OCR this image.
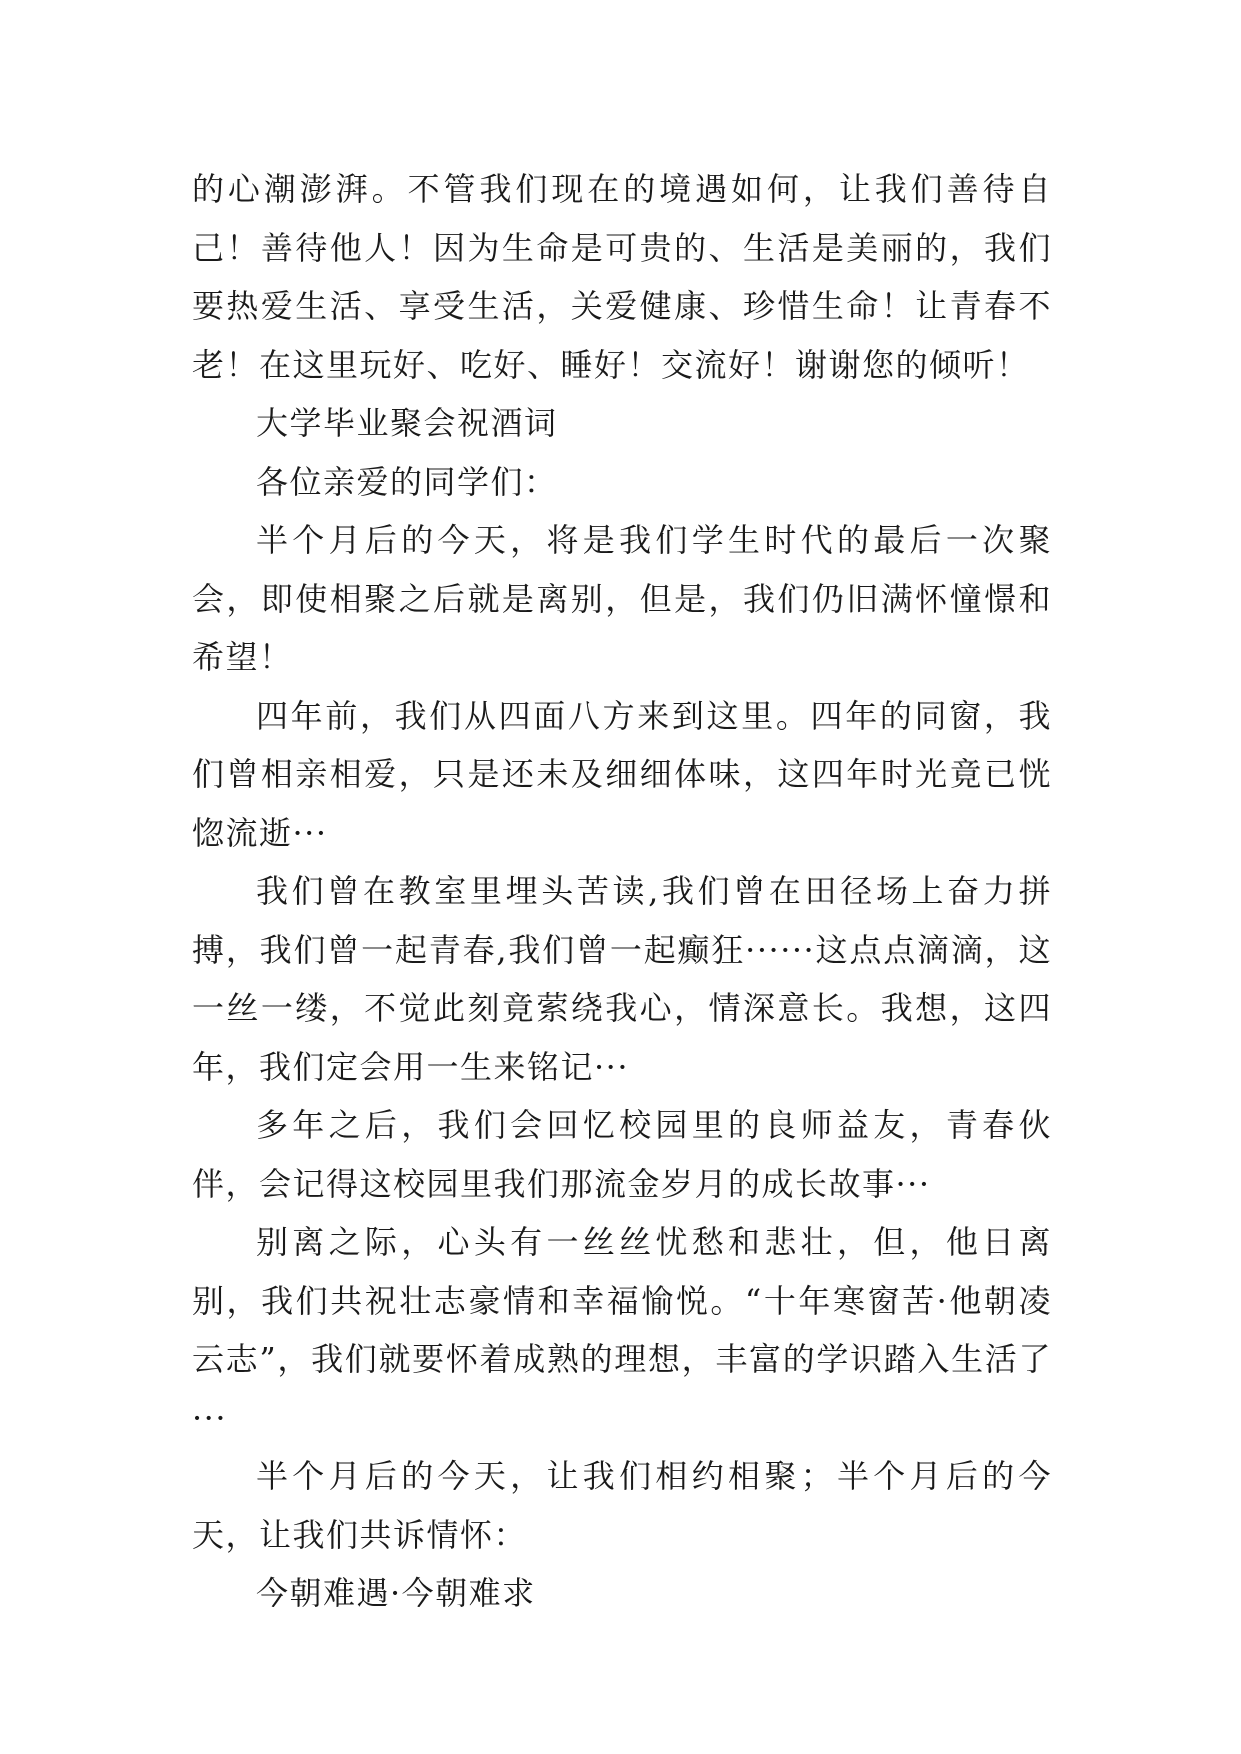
的心潮澎湃。不管我们现在的境遇如何，让我们善待自己！善待他人！因为生命是可贵的、生活是美丽的，我们要热爱生活、享受生活，关爱健康、珍惜生命！让青春不老！在这里玩好、吃好、睡好！交流好！谢谢您的倾听！

大学毕业聚会祝酒词

各位亲爱的同学们：

半个月后的今天，将是我们学生时代的最后一次聚会，即使相聚之后就是离别，但是，我们仍旧满怀憧憬和希望！

四年前，我们从四面八方来到这里。四年的同窗，我们曾相亲相爱，只是还未及细细体味，这四年时光竟已恍惚流逝···

我们曾在教室里埋头苦读,我们曾在田径场上奋力拼搏，我们曾一起青春,我们曾一起癫狂······这点点滴滴，这一丝一缕，不觉此刻竟萦绕我心，情深意长。我想，这四年，我们定会用一生来铭记···

多年之后，我们会回忆校园里的良师益友，青春伙伴，会记得这校园里我们那流金岁月的成长故事···

别离之际，心头有一丝丝忧愁和悲壮，但，他日离别，我们共祝壮志豪情和幸福愉悦。“十年寒窗苦·他朝凌云志”，我们就要怀着成熟的理想，丰富的学识踏入生活了···

半个月后的今天，让我们相约相聚；半个月后的今天，让我们共诉情怀：

今朝难遇·今朝难求
